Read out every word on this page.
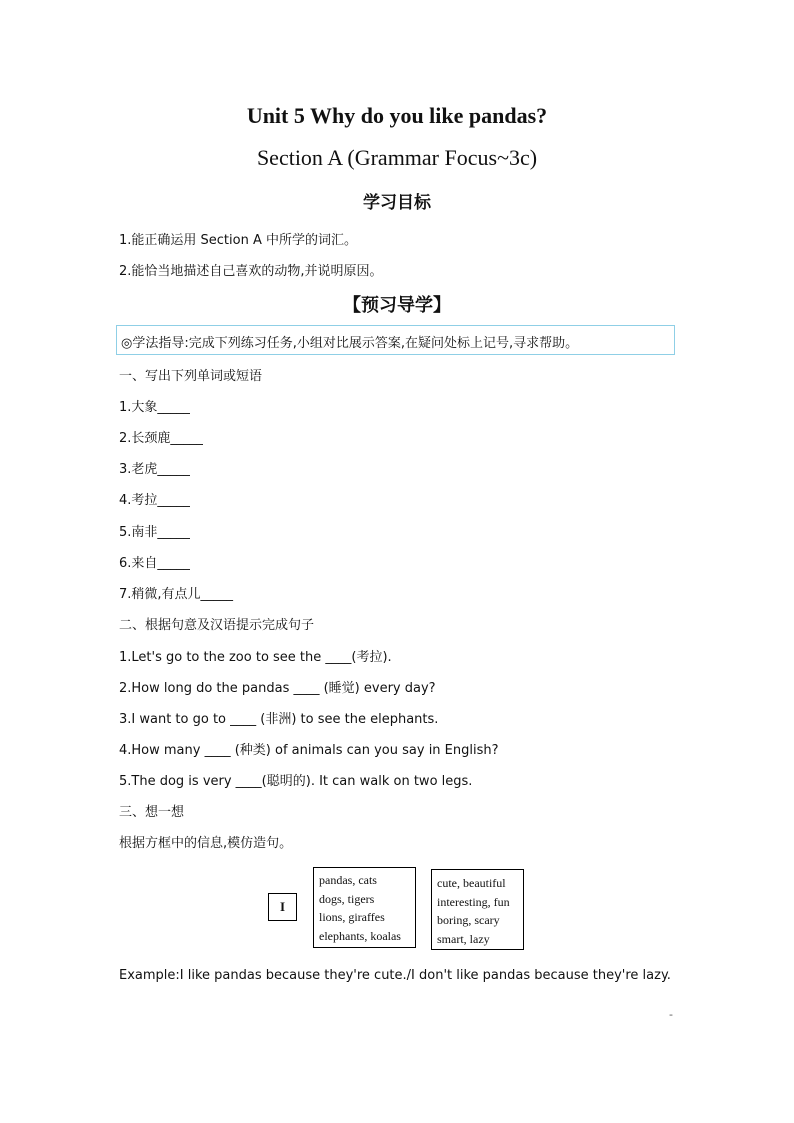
Unit 5 Why do you like pandas?
Section A (Grammar Focus~3c)
学习目标
1.能正确运用 Section A 中所学的词汇。
2.能恰当地描述自己喜欢的动物,并说明原因。
【预习导学】
◎学法指导:完成下列练习任务,小组对比展示答案,在疑问处标上记号,寻求帮助。
一、写出下列单词或短语
1.大象_____
2.长颈鹿_____
3.老虎_____
4.考拉_____
5.南非_____
6.来自_____
7.稍微,有点儿_____
二、根据句意及汉语提示完成句子
1.Let's go to the zoo to see the ____(考拉).
2.How long do the pandas ____ (睡觉) every day?
3.I want to go to ____ (非洲) to see the elephants.
4.How many ____ (种类) of animals can you say in English?
5.The dog is very ____(聪明的). It can walk on two legs.
三、想一想
根据方框中的信息,模仿造句。
I
pandas, cats
dogs, tigers
lions, giraffes
elephants, koalas
cute, beautiful
interesting, fun
boring, scary
smart, lazy
Example:I like pandas because they're cute./I don't like pandas because they're lazy.
-
